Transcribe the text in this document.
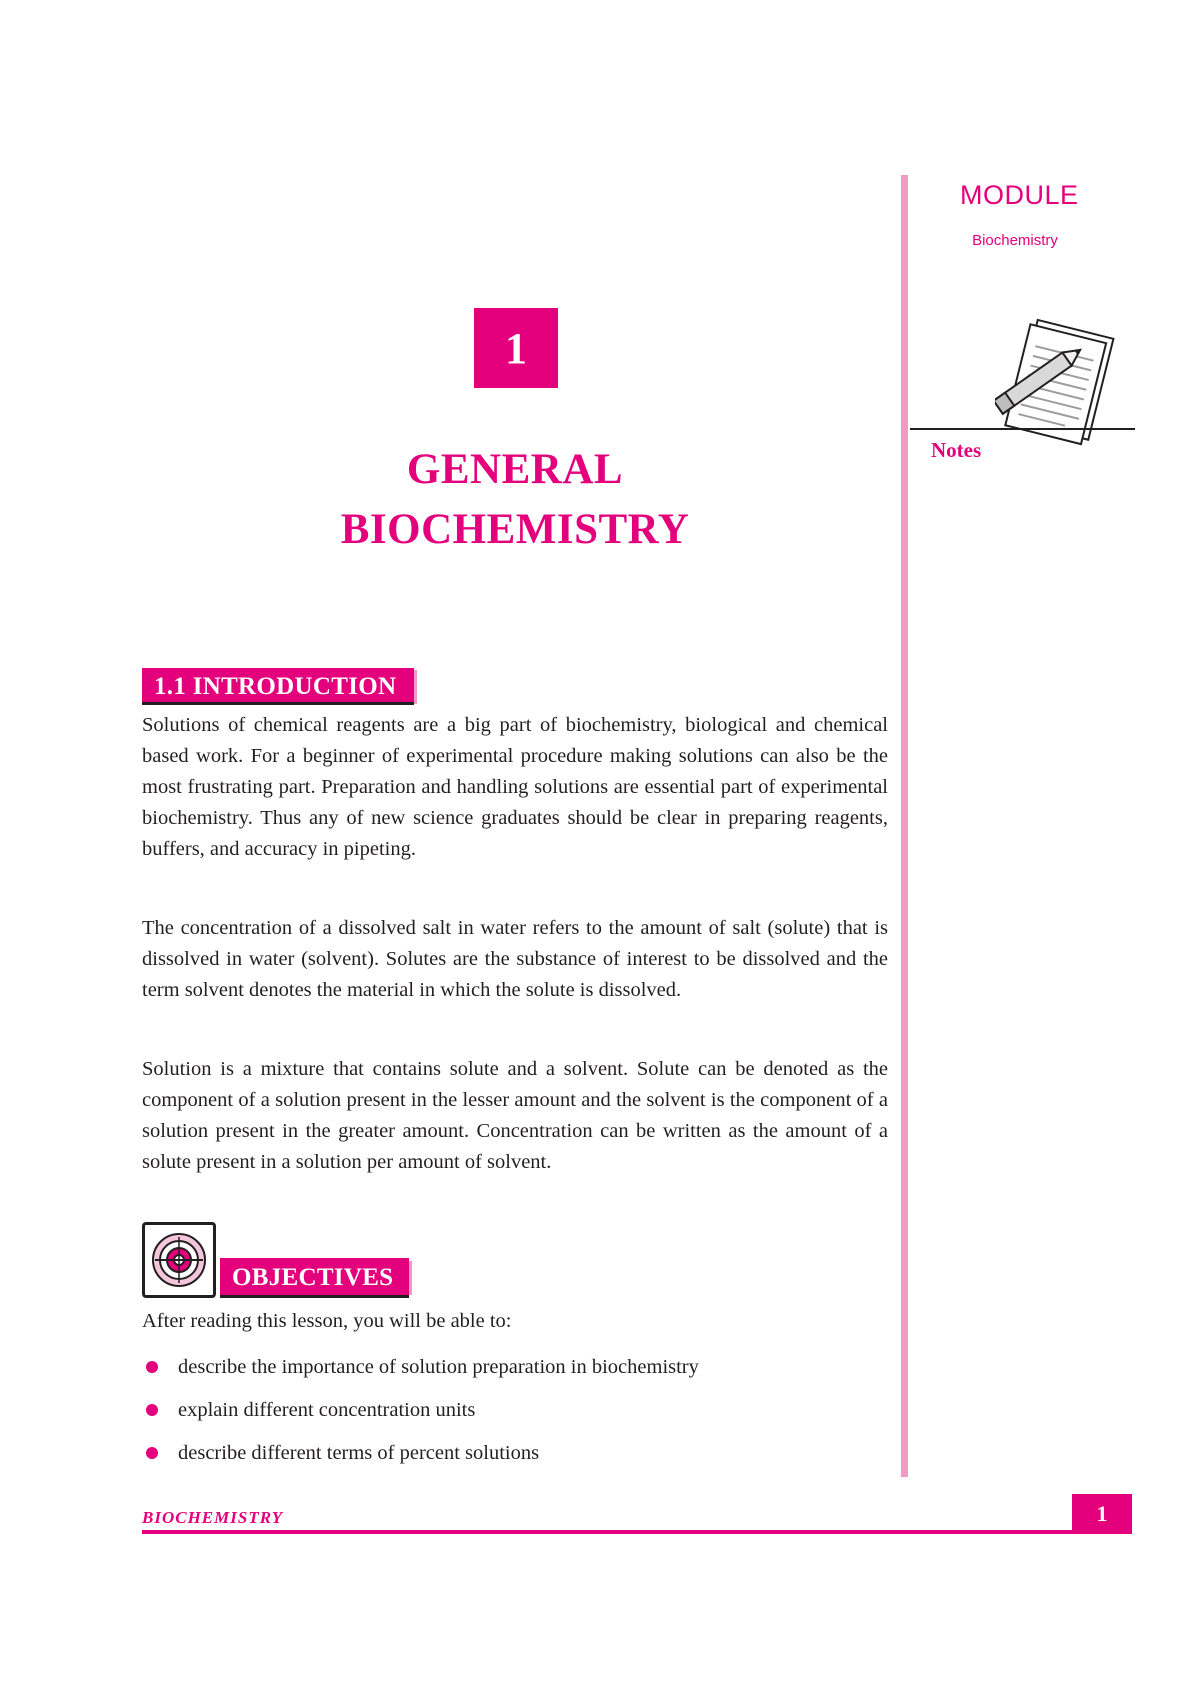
MODULE
Biochemistry
Notes
1
GENERAL
BIOCHEMISTRY
1.1 INTRODUCTION

Solutions of chemical reagents are a big part of biochemistry, biological and chemical based work. For a beginner of experimental procedure making solutions can also be the most frustrating part. Preparation and handling solutions are essential part of experimental biochemistry. Thus any of new science graduates should be clear in preparing reagents, buffers, and accuracy in pipeting.

The concentration of a dissolved salt in water refers to the amount of salt (solute) that is dissolved in water (solvent). Solutes are the substance of interest to be dissolved and the term solvent denotes the material in which the solute is dissolved.

Solution is a mixture that contains solute and a solvent. Solute can be denoted as the component of a solution present in the lesser amount and the solvent is the component of a solution present in the greater amount. Concentration can be written as the amount of a solute present in a solution per amount of solvent.

OBJECTIVES

After reading this lesson, you will be able to:

describe the importance of solution preparation in biochemistry
explain different concentration units
describe different terms of percent solutions
BIOCHEMISTRY	1
